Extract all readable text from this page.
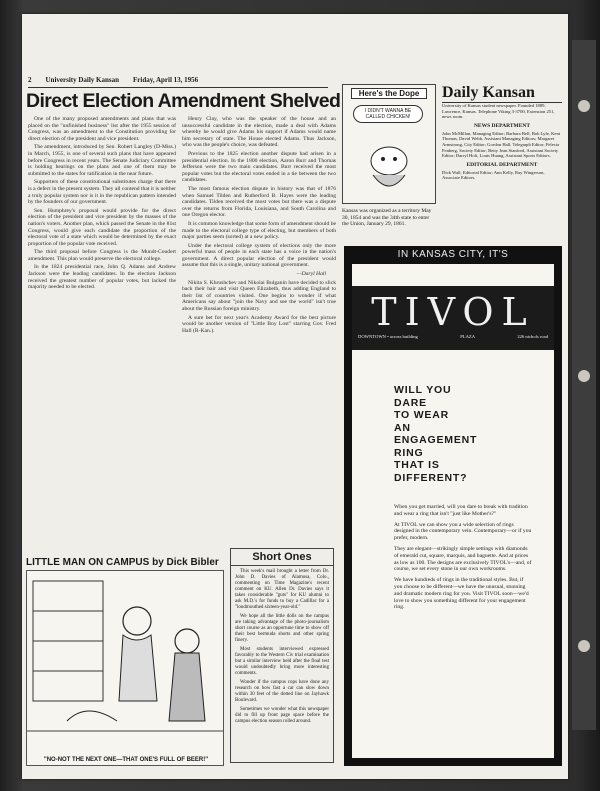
2 University Daily Kansan Friday, April 13, 1956
Direct Election Amendment Shelved

One of the many proposed amendments and plans that was placed on the "unfinished business" list after the 1955 session of Congress, was an amendment to the Constitution providing for direct election of the president and vice president.

The amendment, introduced by Sen. Robert Langley (D-Miss.) in March, 1955, is one of several such plans that have appeared before Congress in recent years. The Senate Judiciary Committee is holding hearings on the plans and one of them may be submitted to the states for ratification in the near future.

Supporters of these constitutional substitutes charge that there is a defect in the present system. They all contend that it is neither a truly popular system nor is it in the republican pattern intended by the founders of our government.

Sen. Humphrey's proposal would provide for the direct election of the president and vice president by the masses of the nation's voters. Another plan, which passed the Senate in the 81st Congress, would give each candidate the proportion of the electoral vote of a state which would be determined by the exact proportion of the popular vote received.

The third proposal before Congress is the Mundt-Coudert amendment. This plan would preserve the electoral college.

In the 1824 presidential race, John Q. Adams and Andrew Jackson were the leading candidates. In the election Jackson received the greatest number of popular votes, but lacked the majority needed to be elected.

Henry Clay, who was the speaker of the house and an unsuccessful candidate in the election, made a deal with Adams whereby he would give Adams his support if Adams would name him secretary of state. The House elected Adams. Thus Jackson, who was the people's choice, was defeated.

Previous to the 1825 election another dispute had arisen in a presidential election. In the 1800 election, Aaron Burr and Thomas Jefferson were the two main candidates. Burr received the most popular votes but the electoral votes ended in a tie between the two candidates.

The most famous election dispute in history was that of 1876 when Samuel Tilden and Rutherford B. Hayes were the leading candidates. Tilden received the most votes but there was a dispute over the returns from Florida, Louisiana, and South Carolina and one Oregon elector.

It is common knowledge that some form of amendment should be made to the electoral college type of electing, but members of both major parties seem (sorted) at a new policy.

Under the electoral college system of elections only the more powerful mass of people in each state has a voice in the nation's government. A direct popular election of the president would assume that this is a single, unitary national government.

—Daryl Hall

Nikita S. Khrushchev and Nikolai Bulganin have decided to slick back their hair and visit Queen Elizabeth, thus adding England to their list of countries visited. One begins to wonder if what Americans say about "join the Navy and see the world" isn't true about the Russian foreign ministry.

A sure bet for next year's Academy Award for the best picture would be another version of "Little Boy Lost" starring Gov. Fred Hall (R-Kan.).

LITTLE MAN ON CAMPUS by Dick Bibler
"NO-NOT THE NEXT ONE—THAT ONE'S FULL OF BEER!"
Short Ones

This week's mail brought a letter from Dr. John D. Davies of Alamosa, Colo., commenting on Time Magazine's recent comment on KU. Allen Dr. Davies says it takes considerable "guts" for KU alumni to ask M.D.'s for funds to buy a Cadillac for a "loudmouthed sixteen-year-old."

We hope all the little dolls on the campus are taking advantage of the photo-journalism short course as an opportune time to show off their best bermuda shorts and other spring finery.

Most students interviewed expressed favorably to the Western Civ trial examination but a similar interview held after the final test would undoubtedly bring more interesting comments.

Wonder if the campus cops have done any research on how fast a car can slow down within 30 feet of the dotted line on Jayhawk Boulevard.

Sometimes we wonder what this newspaper did to fill up front page space before the campus election season rolled around.

Here's the Dope
I DIDN'T WANNA BE CALLED CHICKEN!
Kansas was organized as a territory May 30, 1854 and was the 34th state to enter the Union, January 29, 1861.
Daily Kansan
University of Kansas student newspaper. Founded 1889, Lawrence, Kansas. Telephone Viking 3-3700, Extension 251, news room.
NEWS DEPARTMENT
John McMillan, Managing Editor; Barbara Bell, Bob Lyle, Kent Thomas, David Webb, Assistant Managing Editors; Margaret Armstrong, City Editor; Gordon Hall, Telegraph Editor; Felecia Fenberg, Society Editor; Betty Jean Stanford, Assistant Society Editor; Darryl Holt, Louis Huang, Assistant Sports Editors.
EDITORIAL DEPARTMENT
Dick Wall, Editorial Editor; Ann Kelly, Ray Wingerson, Associate Editors.
IN KANSAS CITY, IT'S
TIVOL
DOWNTOWN • across building	PLAZA	226 nichols road
WILL YOU
DARE
TO WEAR
AN
ENGAGEMENT
RING
THAT IS
DIFFERENT?

When you get married, will you dare to break with tradition and wear a ring that isn't "just like Mother's?"

At TIVOL we can show you a wide selection of rings designed in the contemporary vein. Contemporary—or if you prefer, modern.

They are elegant—strikingly simple settings with diamonds of emerald cut, square, marquis, and baguette. And at prices as low as 100. The designs are exclusively TIVOL's—and, of course, we set every stone in our own workrooms.

We have hundreds of rings in the traditional styles. But, if you choose to be different—we have the unusual, stunning and dramatic modern ring for you. Visit TIVOL soon—we'd love to show you something different for your engagement ring.
